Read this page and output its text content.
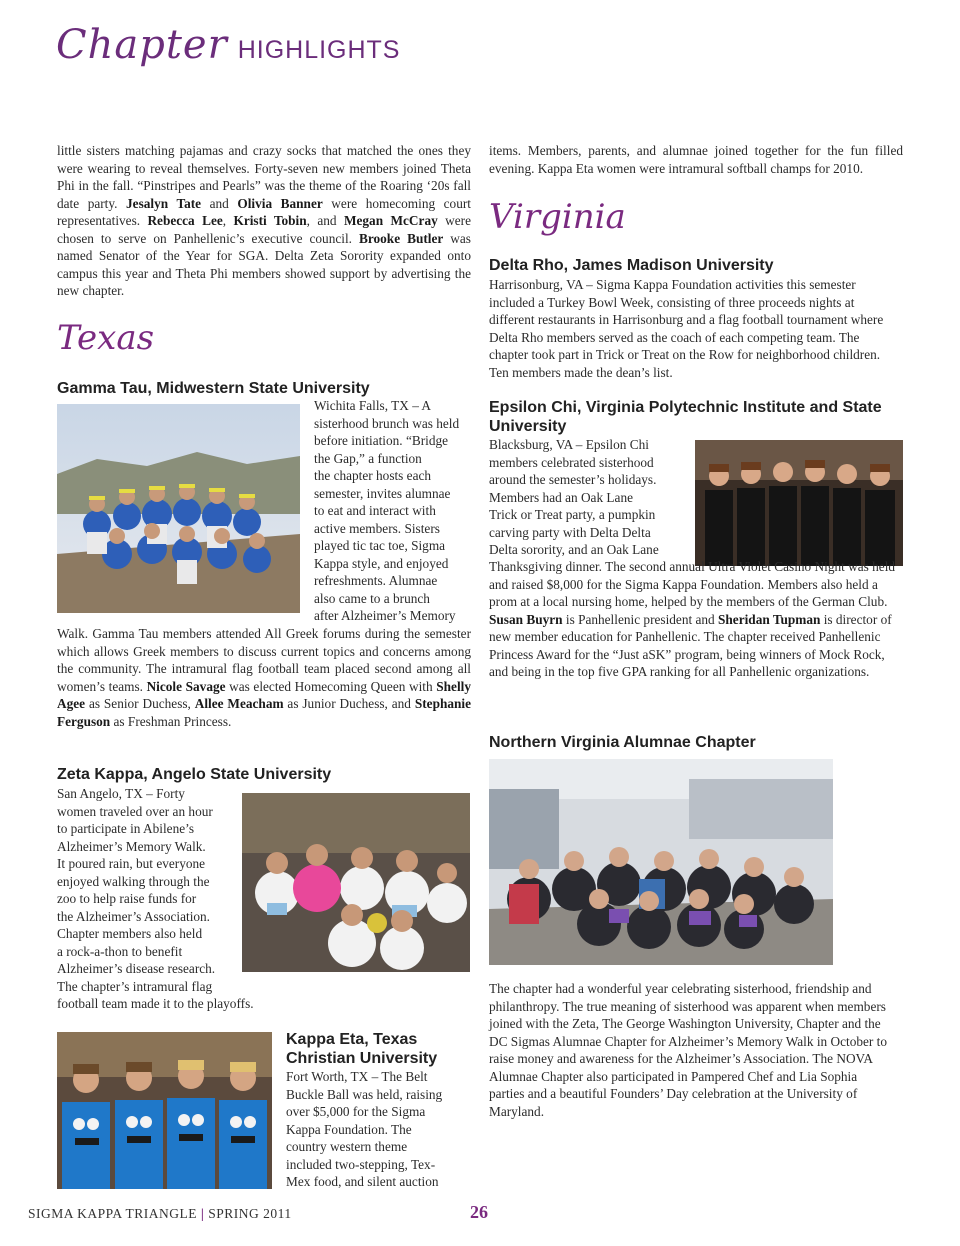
Chapter HIGHLIGHTS

little sisters matching pajamas and crazy socks that matched the ones they were wearing to reveal themselves. Forty-seven new members joined Theta Phi in the fall. “Pinstripes and Pearls” was the theme of the Roaring ‘20s fall date party. Jesalyn Tate and Olivia Banner were homecoming court representatives. Rebecca Lee, Kristi Tobin, and Megan McCray were chosen to serve on Panhellenic’s executive council. Brooke Butler was named Senator of the Year for SGA. Delta Zeta Sorority expanded onto campus this year and Theta Phi members showed support by advertising the new chapter.

Texas
Gamma Tau, Midwestern State University
Wichita Falls, TX – A
sisterhood brunch was held
before initiation. “Bridge
the Gap,” a function
the chapter hosts each
semester, invites alumnae
to eat and interact with
active members. Sisters
played tic tac toe, Sigma
Kappa style, and enjoyed
refreshments. Alumnae
also came to a brunch
after Alzheimer’s Memory

Walk. Gamma Tau members attended All Greek forums during the semester which allows Greek members to discuss current topics and concerns among the community. The intramural flag football team placed second among all women’s teams. Nicole Savage was elected Homecoming Queen with Shelly Agee as Senior Duchess, Allee Meacham as Junior Duchess, and Stephanie Ferguson as Freshman Princess.

Zeta Kappa, Angelo State University
San Angelo, TX – Forty
women traveled over an hour
to participate in Abilene’s
Alzheimer’s Memory Walk.
It poured rain, but everyone
enjoyed walking through the
zoo to help raise funds for
the Alzheimer’s Association.
Chapter members also held
a rock-a-thon to benefit
Alzheimer’s disease research.
The chapter’s intramural flag
football team made it to the playoffs.
Kappa Eta, Texas
Christian University
Fort Worth, TX – The Belt
Buckle Ball was held, raising
over $5,000 for the Sigma
Kappa Foundation. The
country western theme
included two-stepping, Tex-
Mex food, and silent auction
items. Members, parents, and alumnae joined together for the fun filled evening. Kappa Eta women were intramural softball champs for 2010.
Virginia
Delta Rho, James Madison University
Harrisonburg, VA – Sigma Kappa Foundation activities this semester included a Turkey Bowl Week, consisting of three proceeds nights at different restaurants in Harrisonburg and a flag football tournament where Delta Rho members served as the coach of each competing team. The chapter took part in Trick or Treat on the Row for neighborhood children. Ten members made the dean’s list.
Epsilon Chi, Virginia Polytechnic Institute and State
University
Blacksburg, VA – Epsilon Chi
members celebrated sisterhood
around the semester’s holidays.
Members had an Oak Lane
Trick or Treat party, a pumpkin
carving party with Delta Delta
Delta sorority, and an Oak Lane

Thanksgiving dinner. The second annual Ultra Violet Casino Night was held and raised $8,000 for the Sigma Kappa Foundation. Members also held a prom at a local nursing home, helped by the members of the German Club. Susan Buyrn is Panhellenic president and Sheridan Tupman is director of new member education for Panhellenic. The chapter received Panhellenic Princess Award for the “Just aSK” program, being winners of Mock Rock, and being in the top five GPA ranking for all Panhellenic organizations.

Northern Virginia Alumnae Chapter
The chapter had a wonderful year celebrating sisterhood, friendship and philanthropy. The true meaning of sisterhood was apparent when members joined with the Zeta, The George Washington University, Chapter and the DC Sigmas Alumnae Chapter for Alzheimer’s Memory Walk in October to raise money and awareness for the Alzheimer’s Association. The NOVA Alumnae Chapter also participated in Pampered Chef and Lia Sophia parties and a beautiful Founders’ Day celebration at the University of Maryland.
SIGMA KAPPA TRIANGLE | SPRING 2011	26
